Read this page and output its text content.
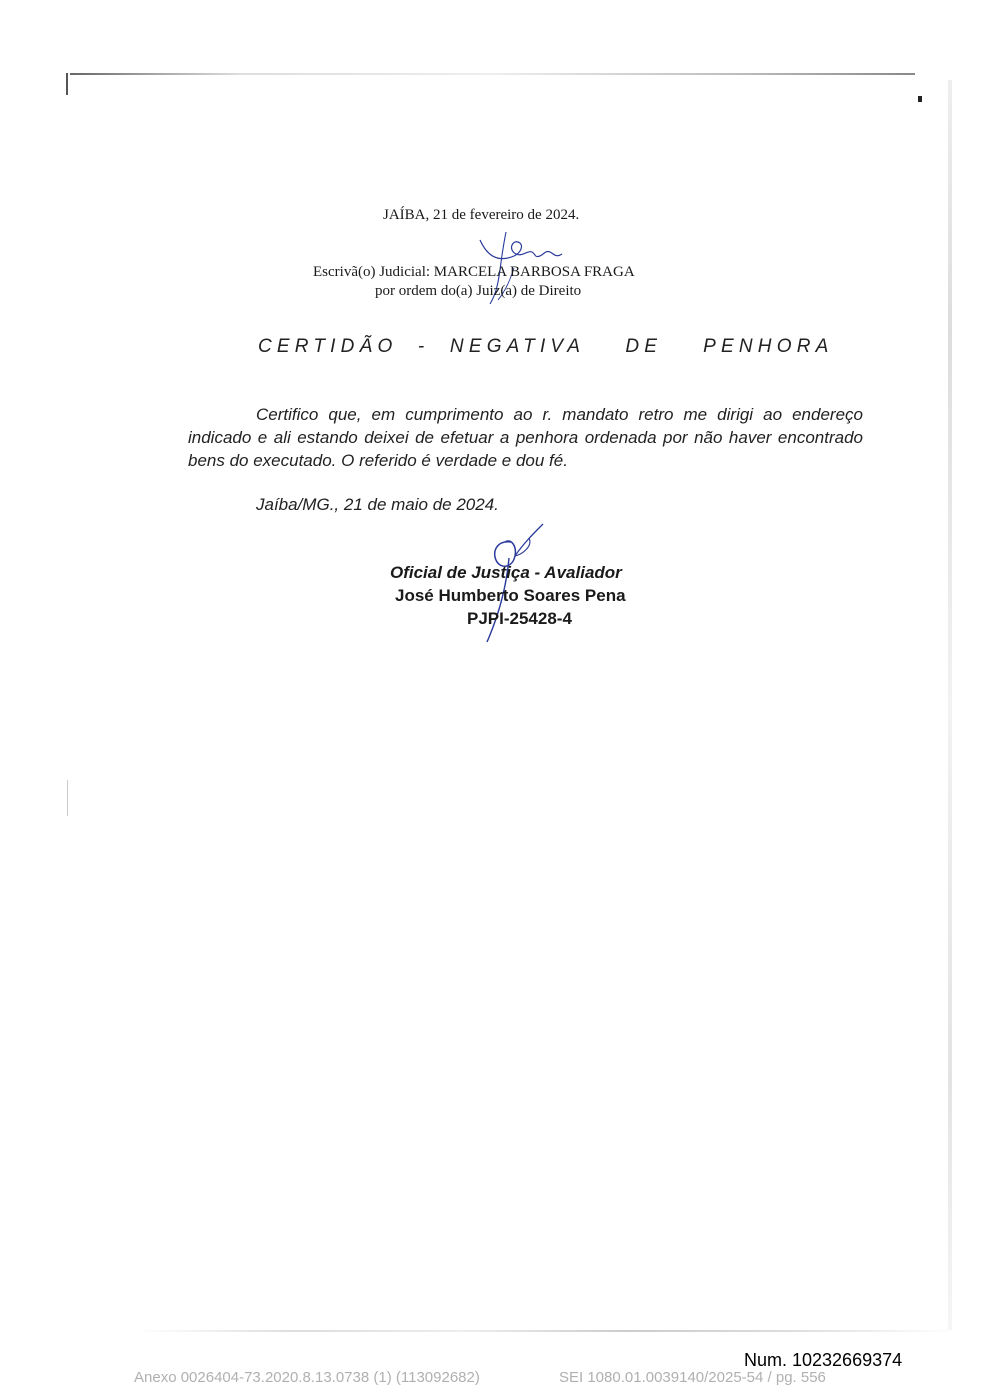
JAÍBA, 21 de fevereiro de 2024.
Escrivã(o) Judicial: MARCELA BARBOSA FRAGA
por ordem do(a) Juiz(a) de Direito
CERTIDÃO - NEGATIVA  DE  PENHORA
Certifico que, em cumprimento ao r. mandato retro me dirigi ao endereço indicado e ali estando deixei de efetuar a penhora ordenada por não haver encontrado bens do executado. O referido é verdade e dou fé.
Jaíba/MG., 21 de maio de 2024.
Oficial de Justiça - Avaliador
José Humberto Soares Pena
PJPI-25428-4
Num. 10232669374
Anexo 0026404-73.2020.8.13.0738 (1) (113092682)	SEI 1080.01.0039140/2025-54 / pg. 556
